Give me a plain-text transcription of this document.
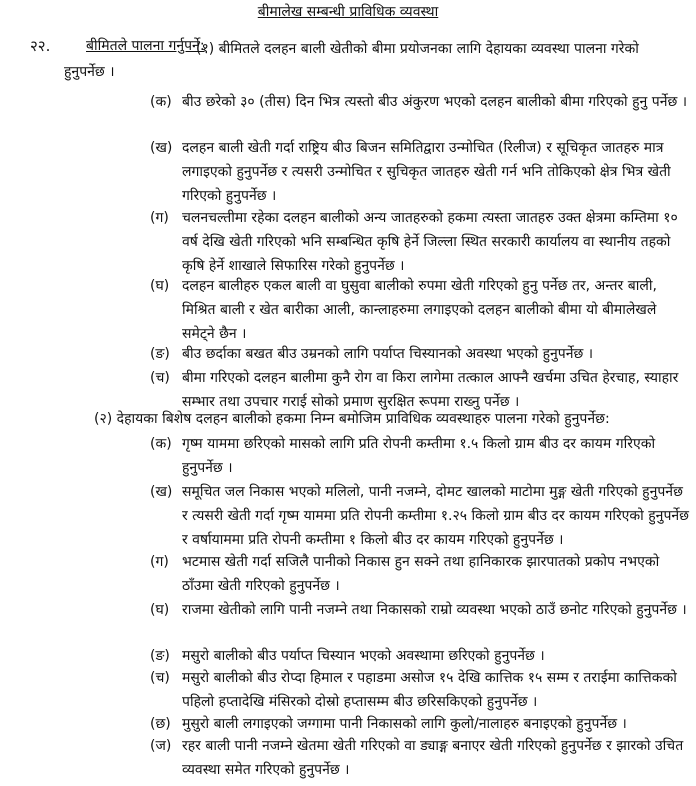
बीमालेख सम्बन्धी प्राविधिक व्यवस्था
२२.	बीमितले पालना गर्नुपर्ने:
(१) बीमितले दलहन बाली खेतीको बीमा प्रयोजनका लागि देहायका व्यवस्था पालना गरेको
हुनुपर्नेछ ।
(क) बीउ छरेको ३० (तीस) दिन भित्र त्यस्तो बीउ अंकुरण भएको दलहन बालीको बीमा गरिएको हुनु पर्नेछ ।
(ख) दलहन बाली खेती गर्दा राष्ट्रिय बीउ बिजन समितिद्वारा उन्मोचित (रिलीज) र सूचिकृत जातहरु मात्र लगाइएको हुनुपर्नेछ र त्यसरी उन्मोचित र सुचिकृत जातहरु खेती गर्न भनि तोकिएको क्षेत्र भित्र खेती गरिएको हुनुपर्नेछ ।
(ग) चलनचल्तीमा रहेका दलहन बालीको अन्य जातहरुको हकमा त्यस्ता जातहरु उक्त क्षेत्रमा कम्तिमा १० वर्ष देखि खेती गरिएको भनि सम्बन्धित कृषि हेर्ने जिल्ला स्थित सरकारी कार्यालय वा स्थानीय तहको कृषि हेर्ने शाखाले सिफारिस गरेको हुनुपर्नेछ ।
(घ) दलहन बालीहरु एकल बाली वा घुसुवा बालीको रुपमा खेती गरिएको हुनु पर्नेछ तर, अन्तर बाली, मिश्रित बाली र खेत बारीका आली, कान्लाहरुमा लगाइएको दलहन बालीको बीमा यो बीमालेखले समेट्ने छैन ।
(ङ) बीउ छर्दाका बखत बीउ उम्रनको लागि पर्याप्त चिस्यानको अवस्था भएको हुनुपर्नेछ ।
(च) बीमा गरिएको दलहन बालीमा कुनै रोग वा किरा लागेमा तत्काल आफ्नै खर्चमा उचित हेरचाह, स्याहार सम्भार तथा उपचार गराई सोको प्रमाण सुरक्षित रूपमा राख्नु पर्नेछ ।
(२) देहायका बिशेष दलहन बालीको हकमा निम्न बमोजिम प्राविधिक व्यवस्थाहरु पालना गरेको हुनुपर्नेछ:
(क) गृष्म याममा छरिएको मासको लागि प्रति रोपनी कम्तीमा १.५ किलो ग्राम बीउ दर कायम गरिएको हुनुपर्नेछ ।
(ख) समूचित जल निकास भएको मलिलो, पानी नजम्ने, दोमट खालको माटोमा मुङ्ग खेती गरिएको हुनुपर्नेछ र त्यसरी खेती गर्दा गृष्म याममा प्रति रोपनी कम्तीमा १.२५ किलो ग्राम बीउ दर कायम गरिएको हुनुपर्नेछ र वर्षायाममा प्रति रोपनी कम्तीमा १ किलो बीउ दर कायम गरिएको हुनुपर्नेछ ।
(ग) भटमास खेती गर्दा सजिलै पानीको निकास हुन सक्ने तथा हानिकारक झारपातको प्रकोप नभएको ठाँउमा खेती गरिएको हुनुपर्नेछ ।
(घ) राजमा खेतीको लागि पानी नजम्ने तथा निकासको राम्रो व्यवस्था भएको ठाउँ छनोट गरिएको हुनुपर्नेछ ।
(ङ) मसुरो बालीको बीउ पर्याप्त चिस्यान भएको अवस्थामा छरिएको हुनुपर्नेछ ।
(च) मसुरो बालीको बीउ रोप्दा हिमाल र पहाडमा असोज १५ देखि कात्तिक १५ सम्म र तराईमा कात्तिकको पहिलो हप्तादेखि मंसिरको दोस्रो हप्तासम्म बीउ छरिसकिएको हुनुपर्नेछ ।
(छ) मुसुरो बाली लगाइएको जग्गामा पानी निकासको लागि कुलो/नालाहरु बनाइएको हुनुपर्नेछ ।
(ज) रहर बाली पानी नजम्ने खेतमा खेती गरिएको वा ड्याङ्ग बनाएर खेती गरिएको हुनुपर्नेछ र झारको उचित व्यवस्था समेत गरिएको हुनुपर्नेछ ।
